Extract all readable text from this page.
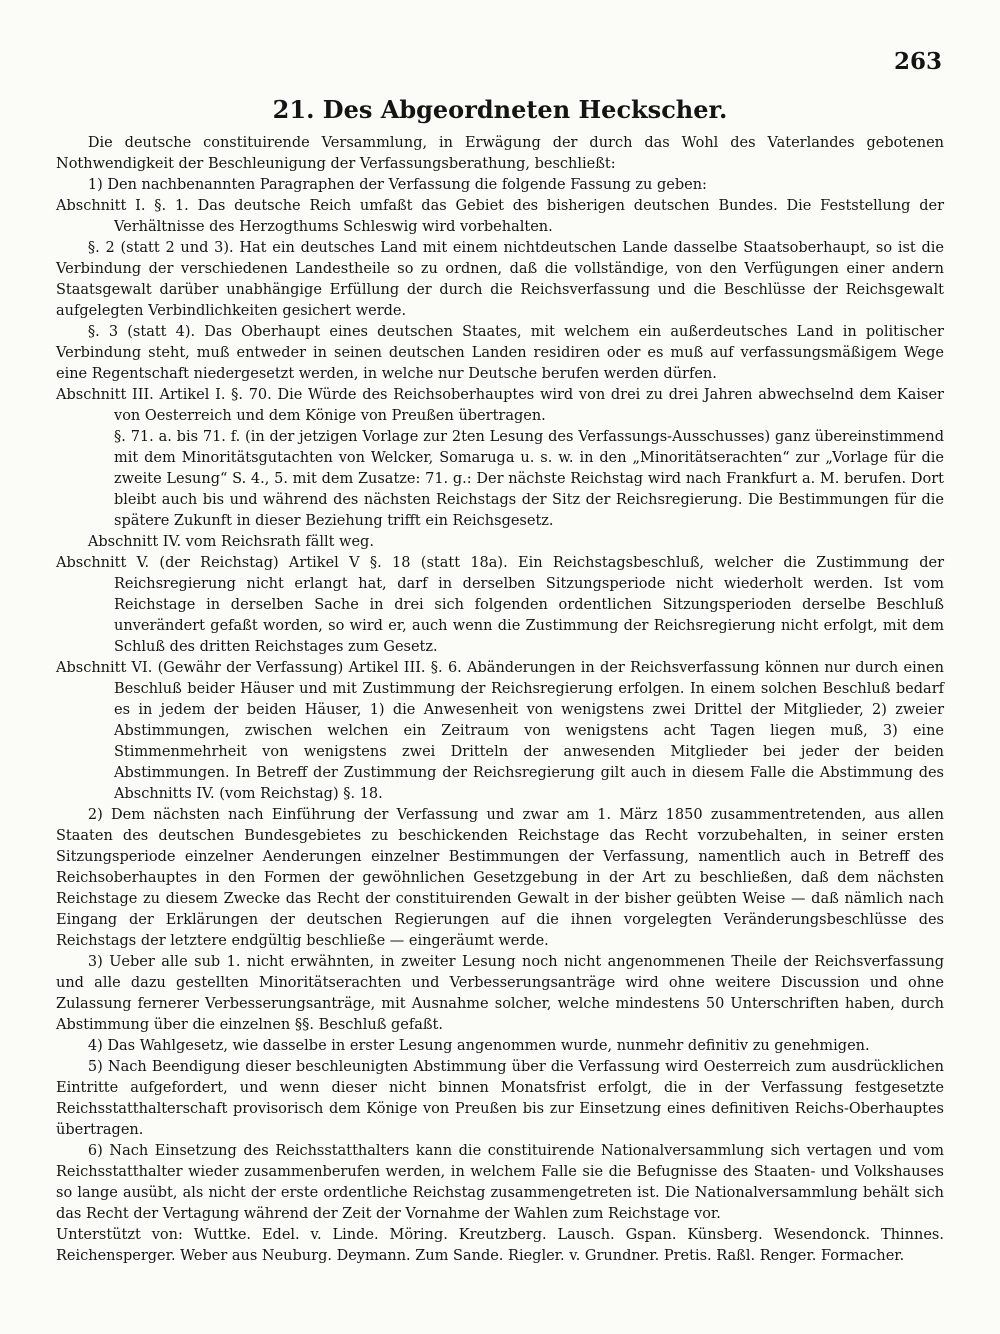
263
21. Des Abgeordneten Heckscher.

Die deutsche constituirende Versammlung, in Erwägung der durch das Wohl des Vaterlandes gebotenen Nothwendigkeit der Beschleunigung der Verfassungsberathung, beschließt:

1) Den nachbenannten Paragraphen der Verfassung die folgende Fassung zu geben:

Abschnitt I. §. 1. Das deutsche Reich umfaßt das Gebiet des bisherigen deutschen Bundes. Die Feststellung der Verhältnisse des Herzogthums Schleswig wird vorbehalten.

§. 2 (statt 2 und 3). Hat ein deutsches Land mit einem nichtdeutschen Lande dasselbe Staatsoberhaupt, so ist die Verbindung der verschiedenen Landestheile so zu ordnen, daß die vollständige, von den Verfügungen einer andern Staatsgewalt darüber unabhängige Erfüllung der durch die Reichsverfassung und die Beschlüsse der Reichsgewalt aufgelegten Verbindlichkeiten gesichert werde.

§. 3 (statt 4). Das Oberhaupt eines deutschen Staates, mit welchem ein außerdeutsches Land in politischer Verbindung steht, muß entweder in seinen deutschen Landen residiren oder es muß auf verfassungsmäßigem Wege eine Regentschaft niedergesetzt werden, in welche nur Deutsche berufen werden dürfen.

Abschnitt III. Artikel I. §. 70. Die Würde des Reichsoberhauptes wird von drei zu drei Jahren abwechselnd dem Kaiser von Oesterreich und dem Könige von Preußen übertragen.

§. 71. a. bis 71. f. (in der jetzigen Vorlage zur 2ten Lesung des Verfassungs-Ausschusses) ganz übereinstimmend mit dem Minoritätsgutachten von Welcker, Somaruga u. s. w. in den „Minoritätserachten“ zur „Vorlage für die zweite Lesung“ S. 4., 5. mit dem Zusatze: 71. g.: Der nächste Reichstag wird nach Frankfurt a. M. berufen. Dort bleibt auch bis und während des nächsten Reichstags der Sitz der Reichsregierung. Die Bestimmungen für die spätere Zukunft in dieser Beziehung trifft ein Reichsgesetz.

Abschnitt IV. vom Reichsrath fällt weg.

Abschnitt V. (der Reichstag) Artikel V §. 18 (statt 18a). Ein Reichstagsbeschluß, welcher die Zustimmung der Reichsregierung nicht erlangt hat, darf in derselben Sitzungsperiode nicht wiederholt werden. Ist vom Reichstage in derselben Sache in drei sich folgenden ordentlichen Sitzungsperioden derselbe Beschluß unverändert gefaßt worden, so wird er, auch wenn die Zustimmung der Reichsregierung nicht erfolgt, mit dem Schluß des dritten Reichstages zum Gesetz.

Abschnitt VI. (Gewähr der Verfassung) Artikel III. §. 6. Abänderungen in der Reichsverfassung können nur durch einen Beschluß beider Häuser und mit Zustimmung der Reichsregierung erfolgen. In einem solchen Beschluß bedarf es in jedem der beiden Häuser, 1) die Anwesenheit von wenigstens zwei Drittel der Mitglieder, 2) zweier Abstimmungen, zwischen welchen ein Zeitraum von wenigstens acht Tagen liegen muß, 3) eine Stimmenmehrheit von wenigstens zwei Dritteln der anwesenden Mitglieder bei jeder der beiden Abstimmungen. In Betreff der Zustimmung der Reichsregierung gilt auch in diesem Falle die Abstimmung des Abschnitts IV. (vom Reichstag) §. 18.

2) Dem nächsten nach Einführung der Verfassung und zwar am 1. März 1850 zusammentretenden, aus allen Staaten des deutschen Bundesgebietes zu beschickenden Reichstage das Recht vorzubehalten, in seiner ersten Sitzungsperiode einzelner Aenderungen einzelner Bestimmungen der Verfassung, namentlich auch in Betreff des Reichsoberhauptes in den Formen der gewöhnlichen Gesetzgebung in der Art zu beschließen, daß dem nächsten Reichstage zu diesem Zwecke das Recht der constituirenden Gewalt in der bisher geübten Weise — daß nämlich nach Eingang der Erklärungen der deutschen Regierungen auf die ihnen vorgelegten Veränderungsbeschlüsse des Reichstags der letztere endgültig beschließe — eingeräumt werde.

3) Ueber alle sub 1. nicht erwähnten, in zweiter Lesung noch nicht angenommenen Theile der Reichsverfassung und alle dazu gestellten Minoritätserachten und Verbesserungsanträge wird ohne weitere Discussion und ohne Zulassung fernerer Verbesserungsanträge, mit Ausnahme solcher, welche mindestens 50 Unterschriften haben, durch Abstimmung über die einzelnen §§. Beschluß gefaßt.

4) Das Wahlgesetz, wie dasselbe in erster Lesung angenommen wurde, nunmehr definitiv zu genehmigen.

5) Nach Beendigung dieser beschleunigten Abstimmung über die Verfassung wird Oesterreich zum ausdrücklichen Eintritte aufgefordert, und wenn dieser nicht binnen Monatsfrist erfolgt, die in der Verfassung festgesetzte Reichsstatthalterschaft provisorisch dem Könige von Preußen bis zur Einsetzung eines definitiven Reichs-Oberhauptes übertragen.

6) Nach Einsetzung des Reichsstatthalters kann die constituirende Nationalversammlung sich vertagen und vom Reichsstatthalter wieder zusammenberufen werden, in welchem Falle sie die Befugnisse des Staaten- und Volkshauses so lange ausübt, als nicht der erste ordentliche Reichstag zusammengetreten ist. Die Nationalversammlung behält sich das Recht der Vertagung während der Zeit der Vornahme der Wahlen zum Reichstage vor.

Unterstützt von: Wuttke. Edel. v. Linde. Möring. Kreutzberg. Lausch. Gspan. Künsberg. Wesendonck. Thinnes. Reichensperger. Weber aus Neuburg. Deymann. Zum Sande. Riegler. v. Grundner. Pretis. Raßl. Renger. Formacher.
